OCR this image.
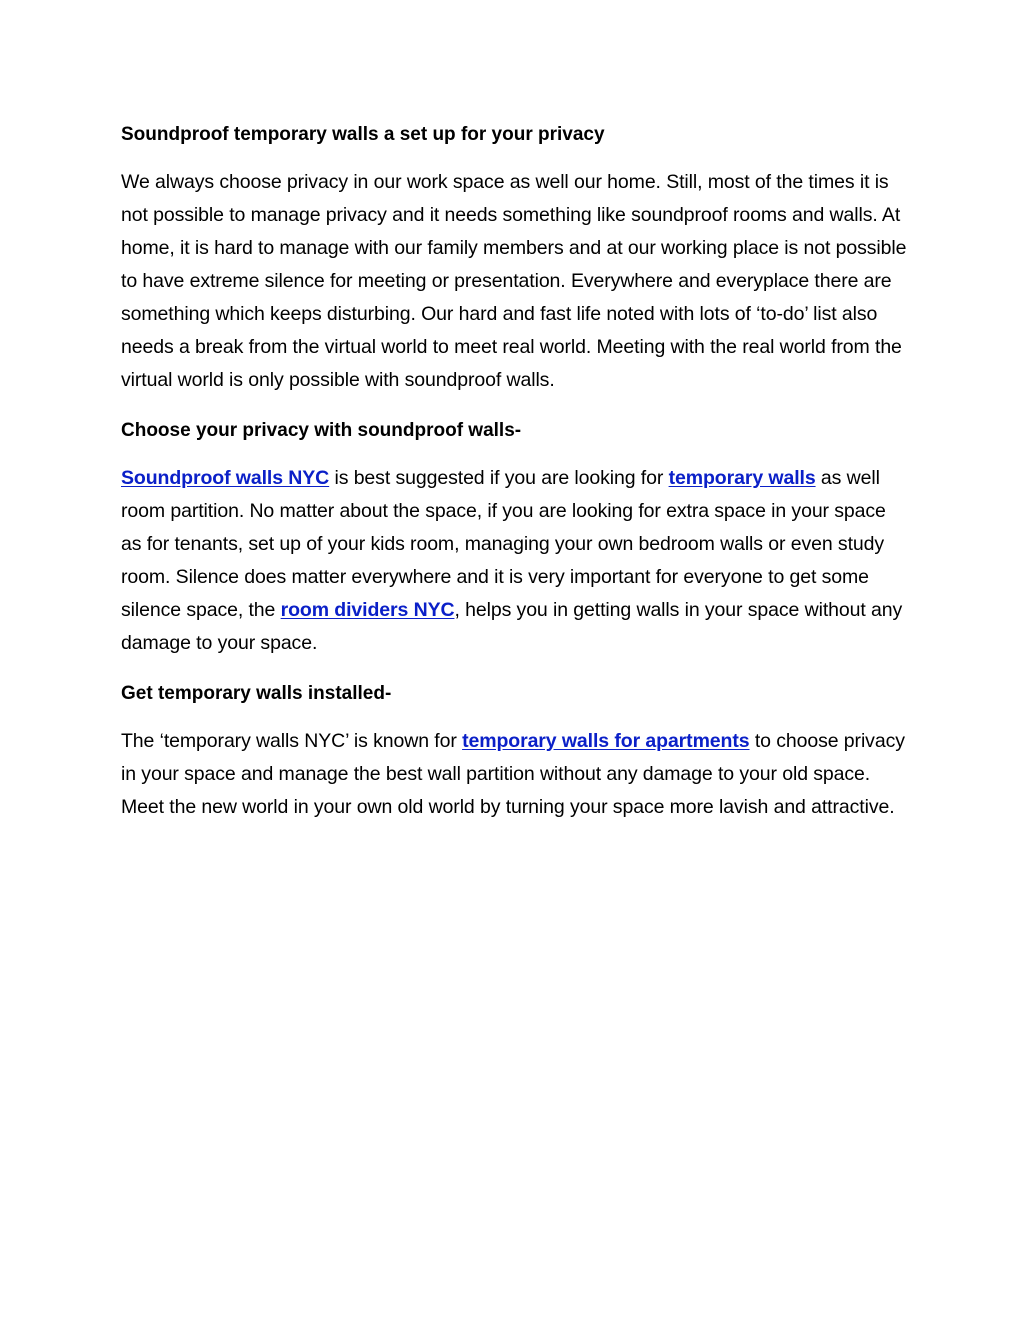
Soundproof temporary walls a set up for your privacy

We always choose privacy in our work space as well our home. Still, most of the times it is not possible to manage privacy and it needs something like soundproof rooms and walls. At home, it is hard to manage with our family members and at our working place is not possible to have extreme silence for meeting or presentation. Everywhere and everyplace there are something which keeps disturbing. Our hard and fast life noted with lots of ‘to-do’ list also needs a break from the virtual world to meet real world. Meeting with the real world from the virtual world is only possible with soundproof walls.

Choose your privacy with soundproof walls-

Soundproof walls NYC is best suggested if you are looking for temporary walls as well room partition. No matter about the space, if you are looking for extra space in your space as for tenants, set up of your kids room, managing your own bedroom walls or even study room. Silence does matter everywhere and it is very important for everyone to get some silence space, the room dividers NYC, helps you in getting walls in your space without any damage to your space.

Get temporary walls installed-

The ‘temporary walls NYC’ is known for temporary walls for apartments to choose privacy in your space and manage the best wall partition without any damage to your old space. Meet the new world in your own old world by turning your space more lavish and attractive.
